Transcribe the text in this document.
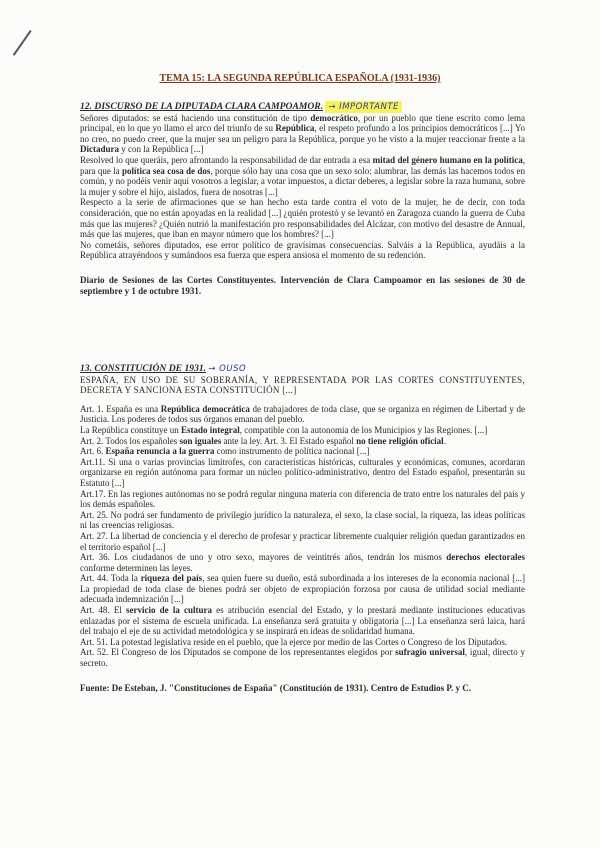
TEMA 15: LA SEGUNDA REPÚBLICA ESPAÑOLA (1931-1936)

12. DISCURSO DE LA DIPUTADA CLARA CAMPOAMOR. → IMPORTANTE

Señores diputados: se está haciendo una constitución de tipo democrático, por un pueblo que tiene escrito como lema principal, en lo que yo llamo el arco del triunfo de su República, el respeto profundo a los principios democráticos [...] Yo no creo, no puedo creer, que la mujer sea un peligro para la República, porque yo he visto a la mujer reaccionar frente a la Dictadura y con la República [...]

Resolved lo que queráis, pero afrontando la responsabilidad de dar entrada a esa mitad del género humano en la política, para que la política sea cosa de dos, porque sólo hay una cosa que un sexo solo: alumbrar, las demás las hacemos todos en común, y no podéis venir aquí vosotros a legislar, a votar impuestos, a dictar deberes, a legislar sobre la raza humana, sobre la mujer y sobre el hijo, aislados, fuera de nosotras [...]

Respecto a la serie de afirmaciones que se han hecho esta tarde contra el voto de la mujer, he de decir, con toda consideración, que no están apoyadas en la realidad [...] ¿quién protestó y se levantó en Zaragoza cuando la guerra de Cuba más que las mujeres? ¿Quién nutrió la manifestación pro responsabilidades del Alcázar, con motivo del desastre de Annual, más que las mujeres, que iban en mayor número que los hombres? [...]

No cometáis, señores diputados, ese error político de gravísimas consecuencias. Salváis a la República, ayudáis a la República atrayéndoos y sumándoos esa fuerza que espera ansiosa el momento de su redención.

Diario de Sesiones de las Cortes Constituyentes. Intervención de Clara Campoamor en las sesiones de 30 de septiembre y 1 de octubre 1931.

13. CONSTITUCIÓN DE 1931. → OUSO

ESPAÑA, EN USO DE SU SOBERANÍA, Y REPRESENTADA POR LAS CORTES CONSTITUYENTES, DECRETA Y SANCIONA ESTA CONSTITUCIÓN [...]

Art. 1. España es una República democrática de trabajadores de toda clase, que se organiza en régimen de Libertad y de Justicia. Los poderes de todos sus órganos emanan del pueblo.

La República constituye un Estado integral, compatible con la autonomía de los Municipios y las Regiones. [...]

Art. 2. Todos los españoles son iguales ante la ley. Art. 3. El Estado español no tiene religión oficial.

Art. 6. España renuncia a la guerra como instrumento de política nacional [...]

Art.11. Si una o varias provincias limítrofes, con características históricas, culturales y económicas, comunes, acordaran organizarse en región autónoma para formar un núcleo político-administrativo, dentro del Estado español, presentarán su Estatuto [...]

Art.17. En las regiones autónomas no se podrá regular ninguna materia con diferencia de trato entre los naturales del país y los demás españoles.

Art. 25. No podrá ser fundamento de privilegio jurídico la naturaleza, el sexo, la clase social, la riqueza, las ideas políticas ni las creencias religiosas.

Art. 27. La libertad de conciencia y el derecho de profesar y practicar libremente cualquier religión quedan garantizados en el territorio español [...]

Art. 36. Los ciudadanos de uno y otro sexo, mayores de veintitrés años, tendrán los mismos derechos electorales conforme determinen las leyes.

Art. 44. Toda la riqueza del país, sea quien fuere su dueño, está subordinada a los intereses de la economía nacional [...] La propiedad de toda clase de bienes podrá ser objeto de expropiación forzosa por causa de utilidad social mediante adecuada indemnización [...]

Art. 48. El servicio de la cultura es atribución esencial del Estado, y lo prestará mediante instituciones educativas enlazadas por el sistema de escuela unificada. La enseñanza será gratuita y obligatoria [...] La enseñanza será laica, hará del trabajo el eje de su actividad metodológica y se inspirará en ideas de solidaridad humana.

Art. 51. La potestad legislativa reside en el pueblo, que la ejerce por medio de las Cortes o Congreso de los Diputados.

Art. 52. El Congreso de los Diputados se compone de los representantes elegidos por sufragio universal, igual, directo y secreto.

Fuente: De Esteban, J. "Constituciones de España" (Constitución de 1931). Centro de Estudios P. y C.
